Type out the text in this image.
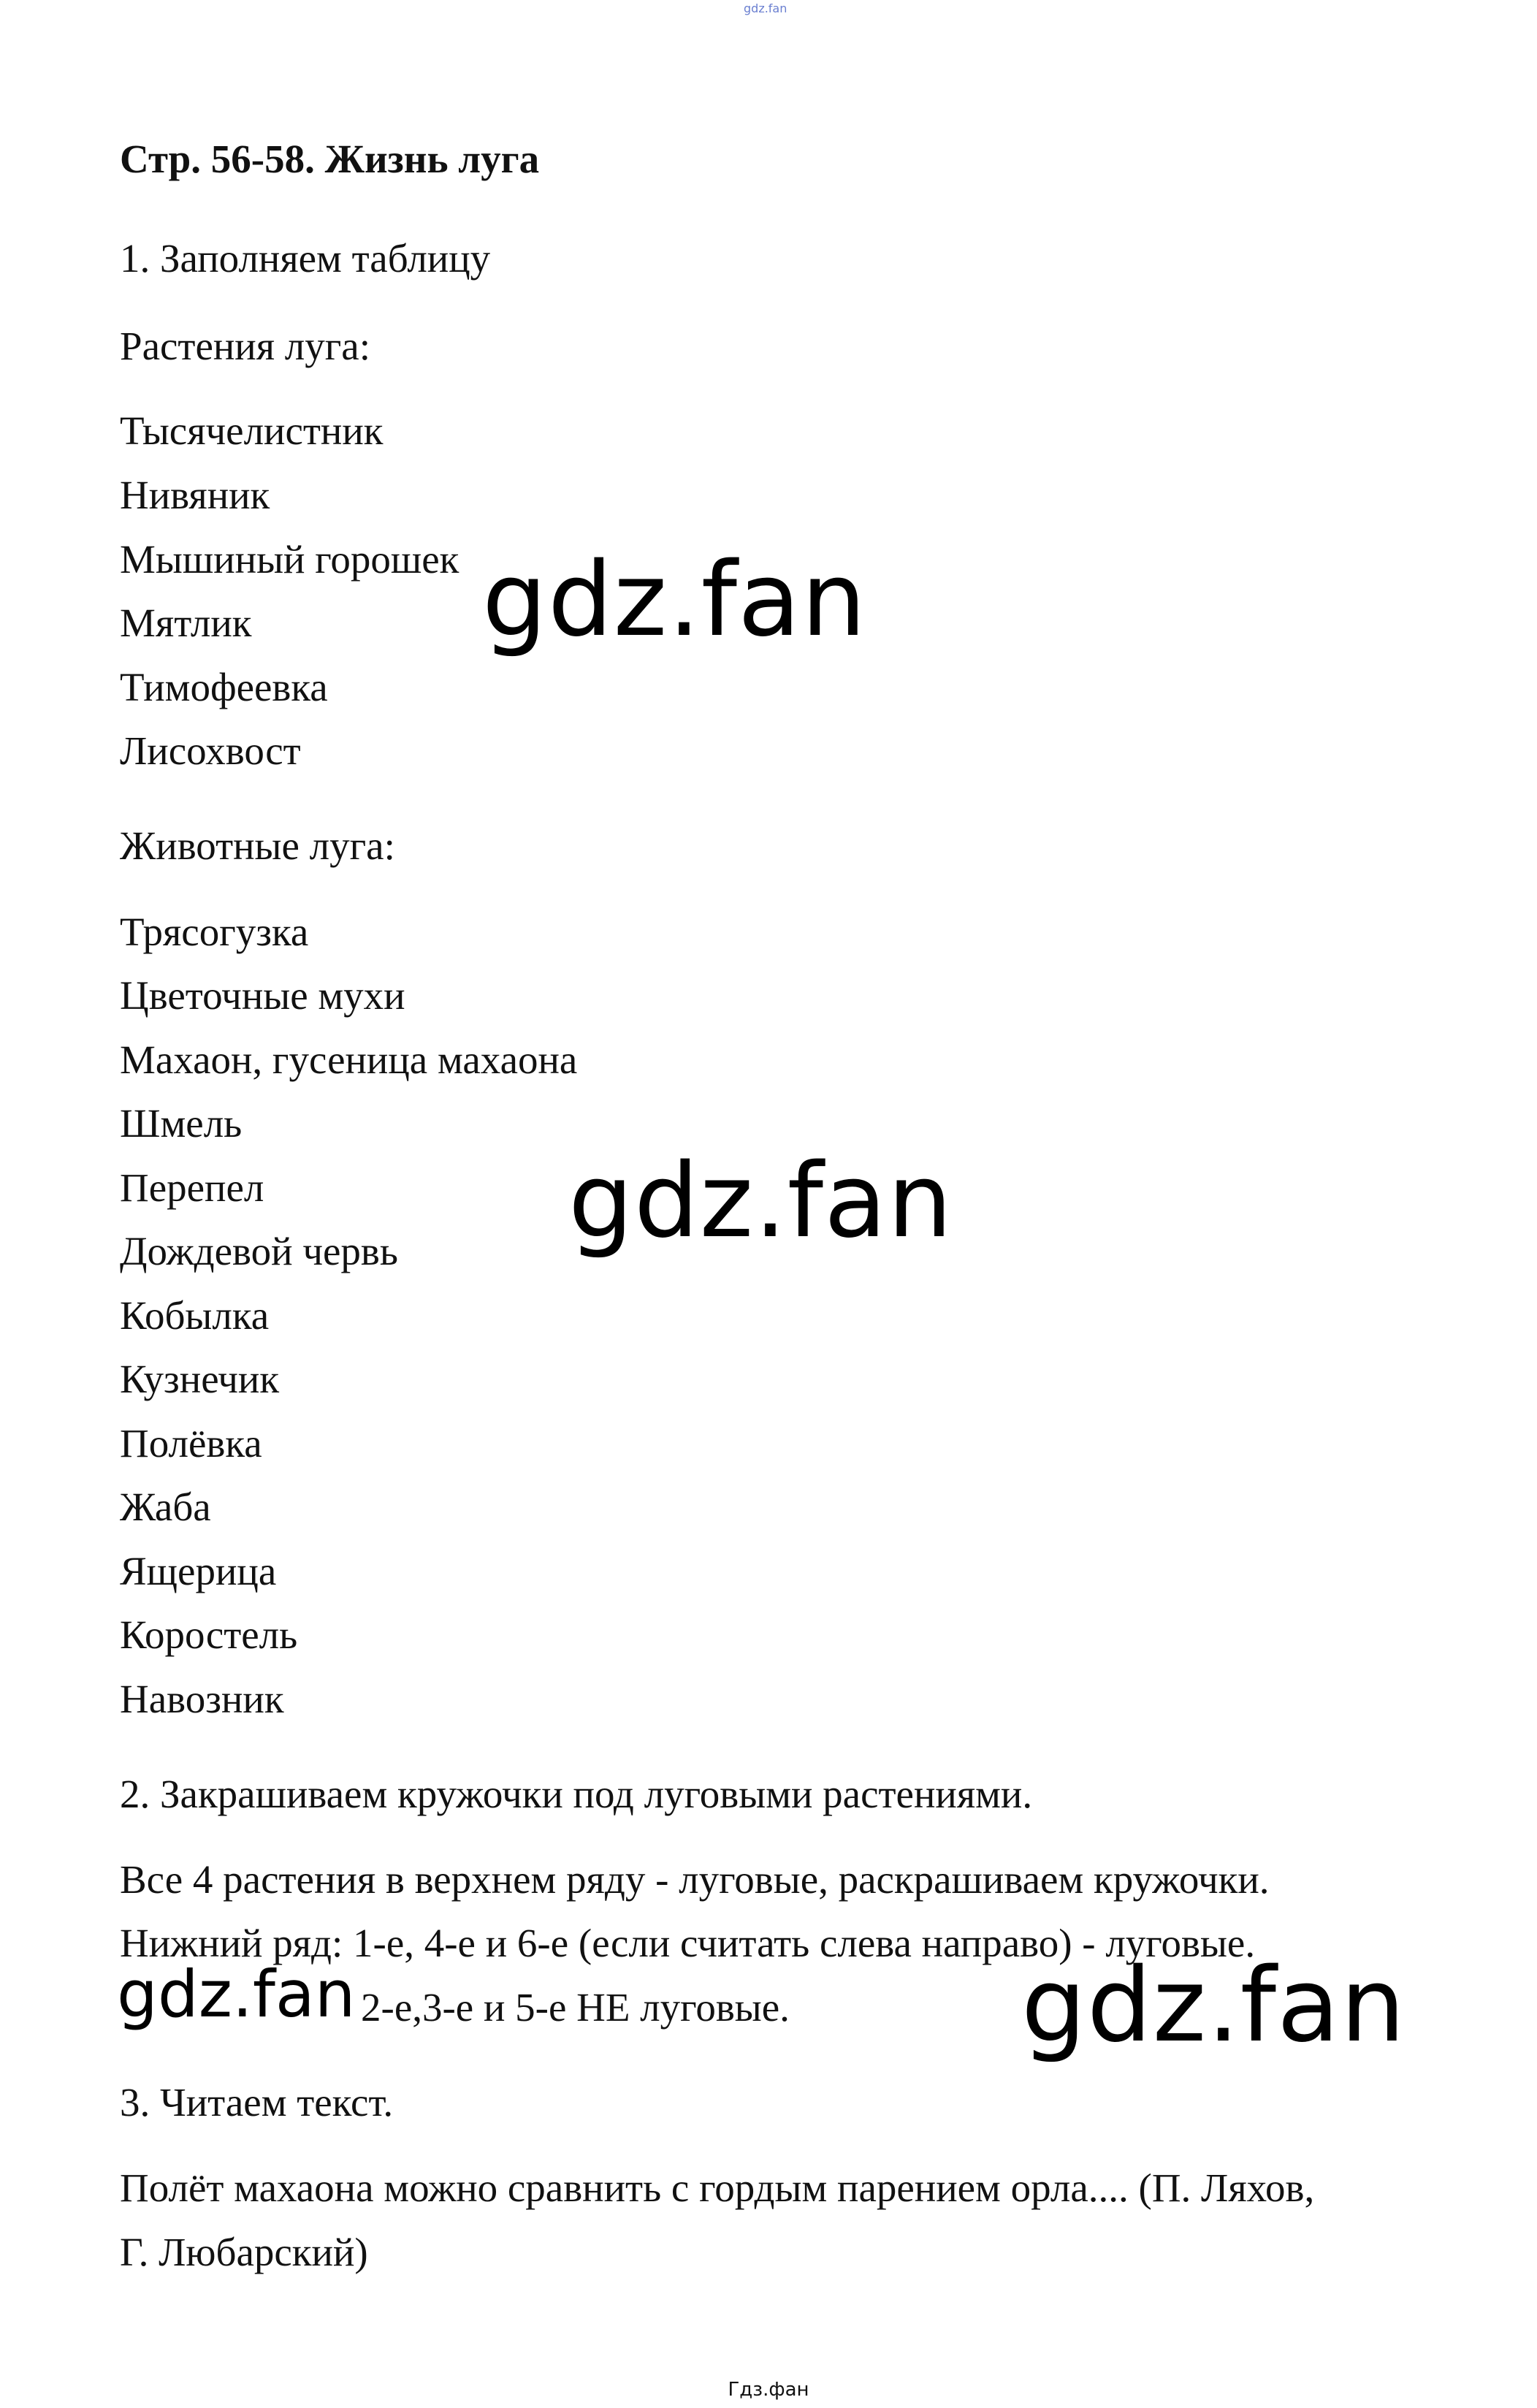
gdz.fan
Стр. 56-58. Жизнь луга
1. Заполняем таблицу
Растения луга:
Тысячелистник
Нивяник
Мышиный горошек
Мятлик
Тимофеевка
Лисохвост
Животные луга:
Трясогузка
Цветочные мухи
Махаон, гусеница махаона
Шмель
Перепел
Дождевой червь
Кобылка
Кузнечик
Полёвка
Жаба
Ящерица
Коростель
Навозник
2. Закрашиваем кружочки под луговыми растениями.
Все 4 растения в верхнем ряду - луговые, раскрашиваем кружочки.
Нижний ряд: 1-е, 4-е и 6-е (если считать слева направо) - луговые.
2-е,3-е и 5-е НЕ луговые.
3. Читаем текст.
Полёт махаона можно сравнить с гордым парением орла.... (П. Ляхов,
Г. Любарский)
gdz.fan
gdz.fan
gdz.fan	gdz.fan
Гдз.фан
